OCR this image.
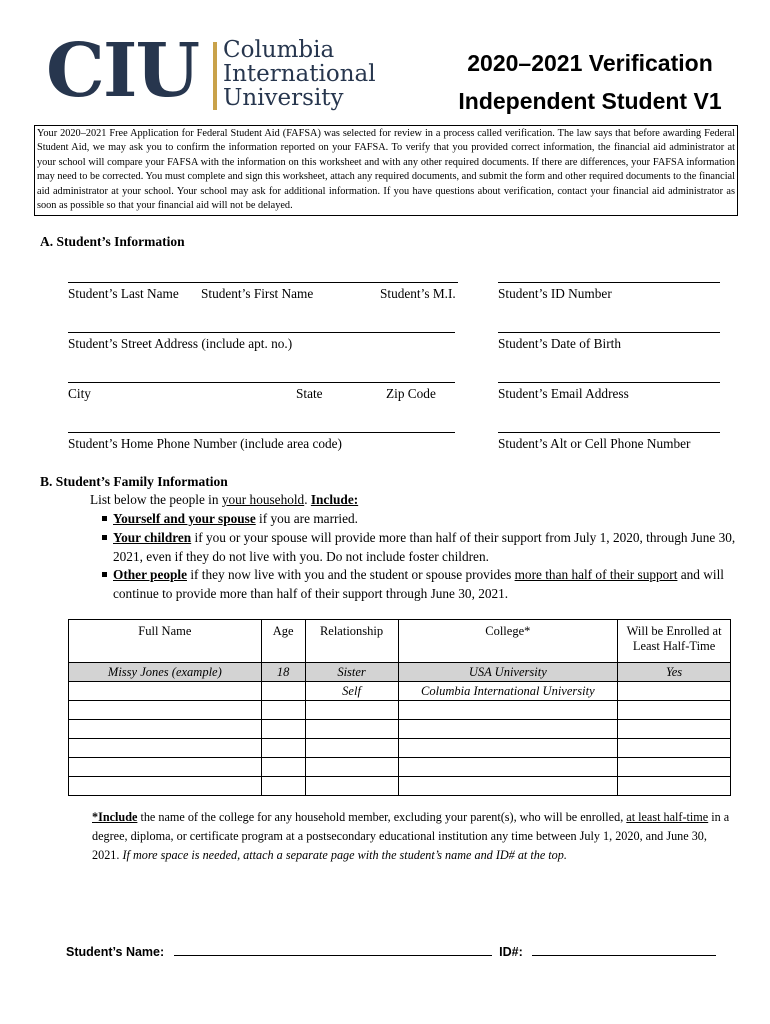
CIU Columbia
International
University
2020–2021 Verification
Independent Student V1
Your 2020–2021 Free Application for Federal Student Aid (FAFSA) was selected for review in a process called verification. The law says that before awarding Federal Student Aid, we may ask you to confirm the information reported on your FAFSA. To verify that you provided correct information, the financial aid administrator at your school will compare your FAFSA with the information on this worksheet and with any other required documents. If there are differences, your FAFSA information may need to be corrected. You must complete and sign this worksheet, attach any required documents, and submit the form and other required documents to the financial aid administrator at your school. Your school may ask for additional information. If you have questions about verification, contact your financial aid administrator as soon as possible so that your financial aid will not be delayed.
A. Student’s Information
Student’s Last Name Student’s First Name	Student’s M.I.	Student’s ID Number
Student’s Street Address (include apt. no.)	Student’s Date of Birth
City	State	Zip Code	Student’s Email Address
Student’s Home Phone Number (include area code)	Student’s Alt or Cell Phone Number
B. Student’s Family Information
List below the people in your household. Include:
Yourself and your spouse if you are married.
Your children if you or your spouse will provide more than half of their support from July 1, 2020, through June 30, 2021, even if they do not live with you. Do not include foster children.
Other people if they now live with you and the student or spouse provides more than half of their support and will continue to provide more than half of their support through June 30, 2021.
Full Name	Age	Relationship	College*	Will be Enrolled at Least Half-Time
Missy Jones (example)	18	Sister	USA University	Yes
		Self	Columbia International University	

*Include the name of the college for any household member, excluding your parent(s), who will be enrolled, at least half-time in a degree, diploma, or certificate program at a postsecondary educational institution any time between July 1, 2020, and June 30, 2021. If more space is needed, attach a separate page with the student’s name and ID# at the top.
Student’s Name:	ID#:
